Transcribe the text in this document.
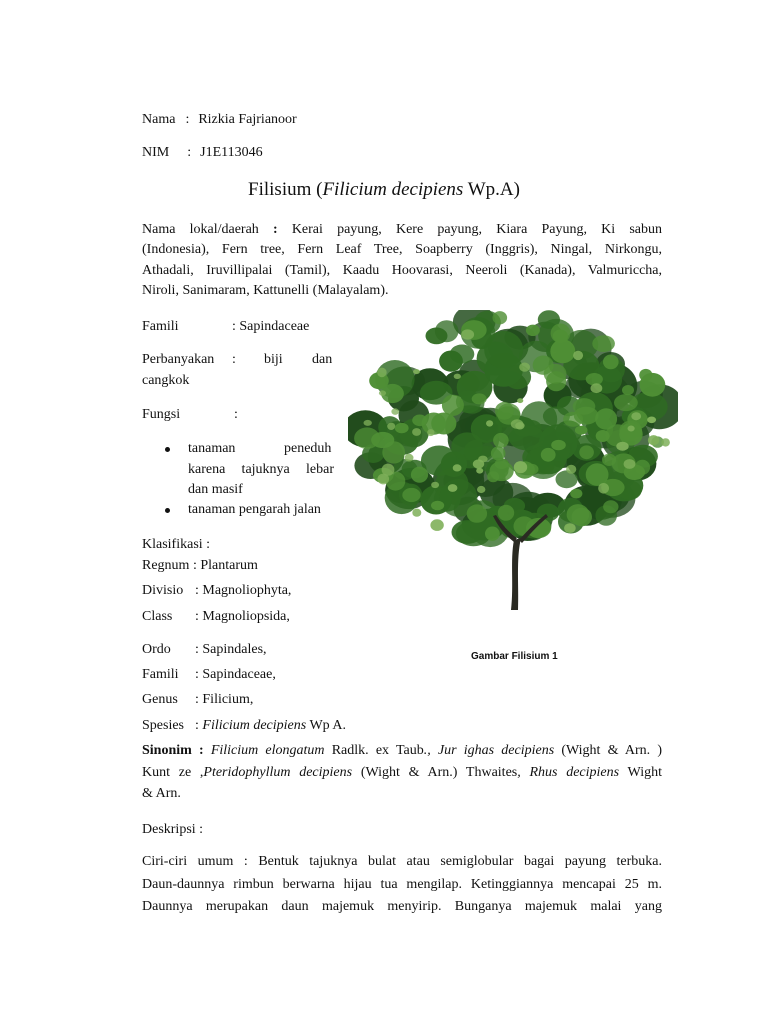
Nama : Rizkia Fajrianoor
NIM : J1E113046
Filisium (Filicium decipiens Wp.A)
Nama lokal/daerah : Kerai payung, Kere payung, Kiara Payung, Ki sabun
(Indonesia), Fern tree, Fern Leaf Tree, Soapberry (Inggris), Ningal, Nirkongu,
Athadali, Iruvillipalai (Tamil), Kaadu Hoovarasi, Neeroli (Kanada), Valmuriccha,
Niroli, Sanimaram, Kattunelli (Malayalam).
Famili	: Sapindaceae
Perbanyakan : biji dan
cangkok
Fungsi	:
tanaman	peneduh
karena tajuknya lebar
dan masif
tanaman pengarah jalan
Klasifikasi :
Regnum : Plantarum
Divisio : Magnoliophyta,
Class : Magnoliopsida,
Ordo : Sapindales,
Famili : Sapindaceae,
Genus : Filicium,
Spesies : Filicium decipiens Wp A.
Sinonim : Filicium elongatum Radlk. ex Taub., Jur ighas decipiens (Wight & Arn. )
Kunt ze ,Pteridophyllum decipiens (Wight & Arn.) Thwaites, Rhus decipiens Wight
& Arn.
Deskripsi :
Ciri-ciri umum : Bentuk tajuknya bulat atau semiglobular bagai payung terbuka.
Daun-daunnya rimbun berwarna hijau tua mengilap. Ketinggiannya mencapai 25 m.
Daunnya merupakan daun majemuk menyirip. Bunganya majemuk malai yang
Gambar Filisium 1
